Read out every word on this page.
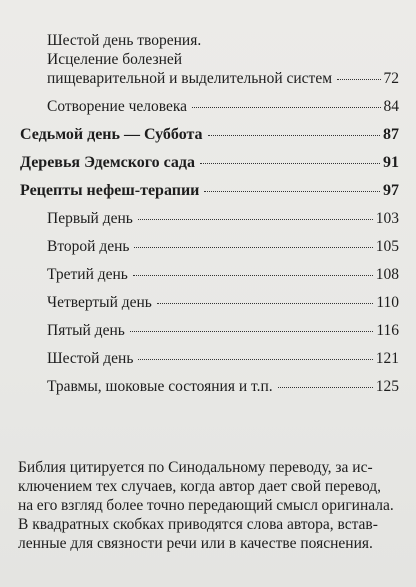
Шестой день творения.
Исцеление болезней
пищеварительной и выделительной систем	72
Сотворение человека	84
Седьмой день — Суббота	87
Деревья Эдемского сада	91
Рецепты нефеш-терапии	97
Первый день	103
Второй день	105
Третий день	108
Четвертый день	110
Пятый день	116
Шестой день	121
Травмы, шоковые состояния и т.п.	125
Библия цитируется по Синодальному переводу, за ис-
ключением тех случаев, когда автор дает свой перевод,
на его взгляд более точно передающий смысл оригинала.
В квадратных скобках приводятся слова автора, встав-
ленные для связности речи или в качестве пояснения.
